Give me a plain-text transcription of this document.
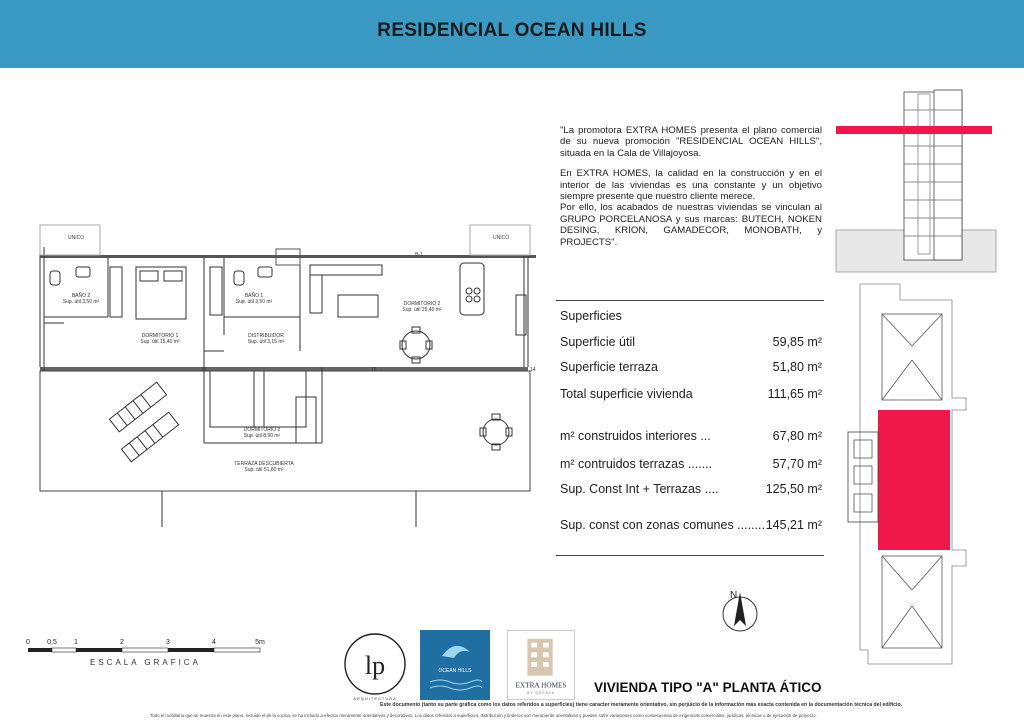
RESIDENCIAL OCEAN HILLS
UNICO	UNICO
B-1
14	15	15	14
BAÑO 2
Sup. útil 3,50 m²
BAÑO 1
Sup. útil 3,50 m²
DORMITORIO 1
Sup. útil 15,40 m²
DISTRIBUIDOR
Sup. útil 3,15 m²
DORMITORIO 2
Sup. útil 25,40 m²
DORMITORIO 2
Sup. útil 8,90 m²
TERRAZA DESCUBIERTA
Sup. útil 51,80 m²

"La promotora EXTRA HOMES presenta el plano comercial de su nueva promoción "RESIDENCIAL OCEAN HILLS", situada en la Cala de Villajoyosa.

En EXTRA HOMES, la calidad en la construcción y en el interior de las viviendas es una constante y un objetivo siempre presente que nuestro cliente merece.

Por ello, los acabados de nuestras viviendas se vinculan al GRUPO PORCELANOSA y sus marcas: BUTECH, NOKEN DESING, KRION, GAMADECOR, MONOBATH, y PROJECTS".

Superficies
Superficie útil	59,85 m²
Superficie terraza	51,80 m²
Total superficie vivienda	111,65 m²
m² construidos interiores ...	67,80 m²
m² contruidos terrazas .......	57,70 m²
Sup. Const Int + Terrazas ....	125,50 m²
Sup. const con zonas comunes ........ 145,21 m²
N
0 0,5 1	2	3	4	5m
ESCALA GRAFICA	lp
ARQUITECTURA
OCEAN HILLS
EXTRA HOMES
BY QREAVA	VIVIENDA TIPO "A" PLANTA ÁTICO
Este documento (tanto su parte gráfica como los datos referidos a superficies) tiene caracter meramente orientativo, sin perjuicio de la información más exacta contenida en la documentación técnica del edificio.
Todo el mobiliario que se muestra en este plano, incluido el de la cocina, se ha incluido a efectos meramente orientativos y decorativos. Los datos referidos a superficies, distribución y linderos son meramente orientativos y pueden sufrir variaciones como consecuencia de exigencias comerciales, jurídicas, técnicas o de ejecución de proyecto.
